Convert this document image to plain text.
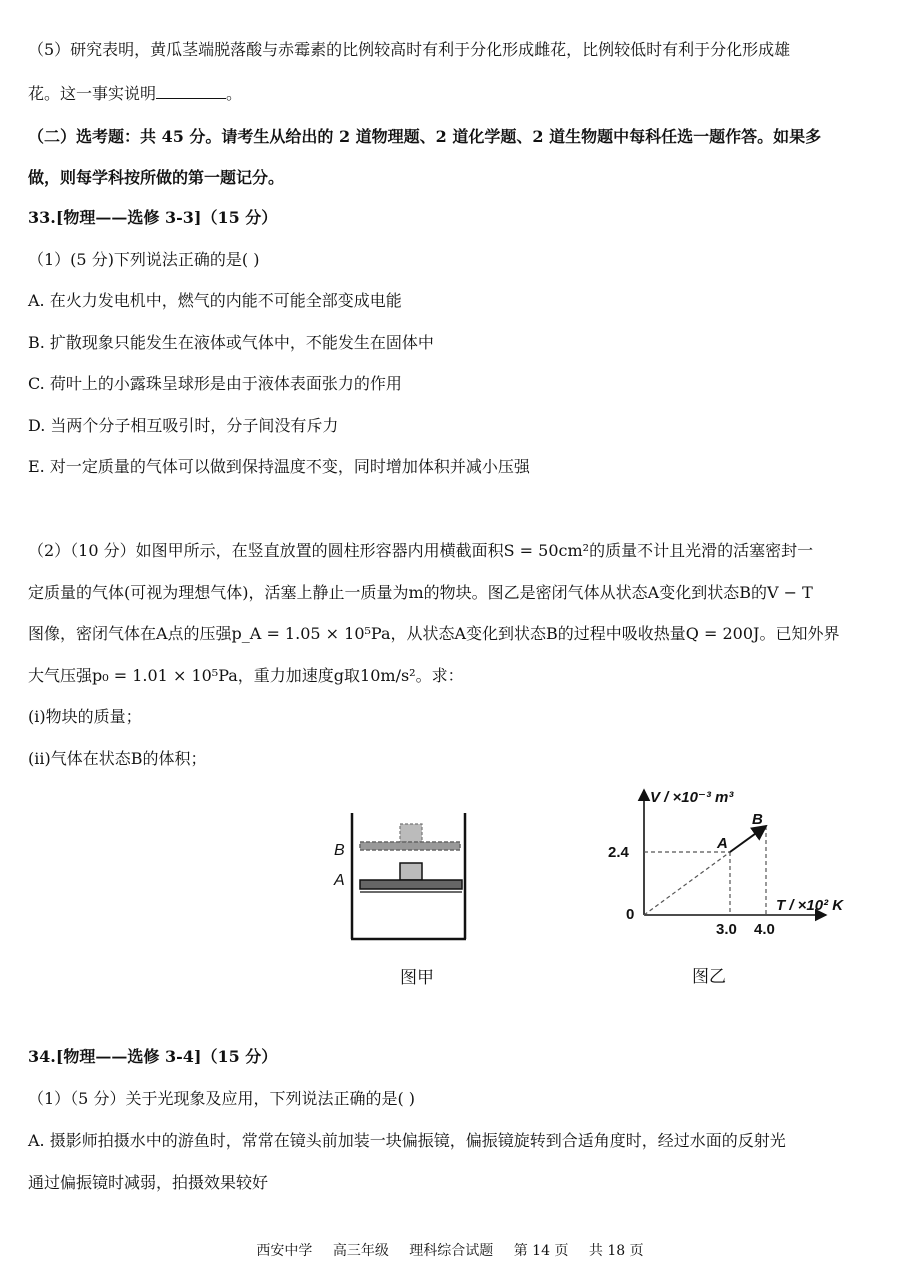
（5）研究表明，黄瓜茎端脱落酸与赤霉素的比例较高时有利于分化形成雌花，比例较低时有利于分化形成雄
花。这一事实说明	。
（二）选考题：共 45 分。请考生从给出的 2 道物理题、2 道化学题、2 道生物题中每科任选一题作答。如果多
做，则每学科按所做的第一题记分。
33.[物理——选修 3-3]（15 分）
（1）(5 分)下列说法正确的是( )
A. 在火力发电机中，燃气的内能不可能全部变成电能
B. 扩散现象只能发生在液体或气体中，不能发生在固体中
C. 荷叶上的小露珠呈球形是由于液体表面张力的作用
D. 当两个分子相互吸引时，分子间没有斥力
E. 对一定质量的气体可以做到保持温度不变，同时增加体积并减小压强
（2）（10 分）如图甲所示，在竖直放置的圆柱形容器内用横截面积S = 50cm²的质量不计且光滑的活塞密封一
定质量的气体(可视为理想气体)，活塞上静止一质量为m的物块。图乙是密闭气体从状态A变化到状态B的V − T
图像，密闭气体在A点的压强p_A = 1.05 × 10⁵Pa，从状态A变化到状态B的过程中吸收热量Q = 200J。已知外界
大气压强p₀ = 1.01 × 10⁵Pa，重力加速度g取10m/s²。求：
(i)物块的质量；
(ii)气体在状态B的体积；
B
A
图甲
V / ×10⁻³ m³
T / ×10² K
0
2.4
3.0 4.0
A
B
图乙
34.[物理——选修 3-4]（15 分）
（1）（5 分）关于光现象及应用，下列说法正确的是( )
A. 摄影师拍摄水中的游鱼时，常常在镜头前加装一块偏振镜，偏振镜旋转到合适角度时，经过水面的反射光
通过偏振镜时减弱，拍摄效果较好
西安中学 高三年级 理科综合试题 第 14 页 共 18 页
